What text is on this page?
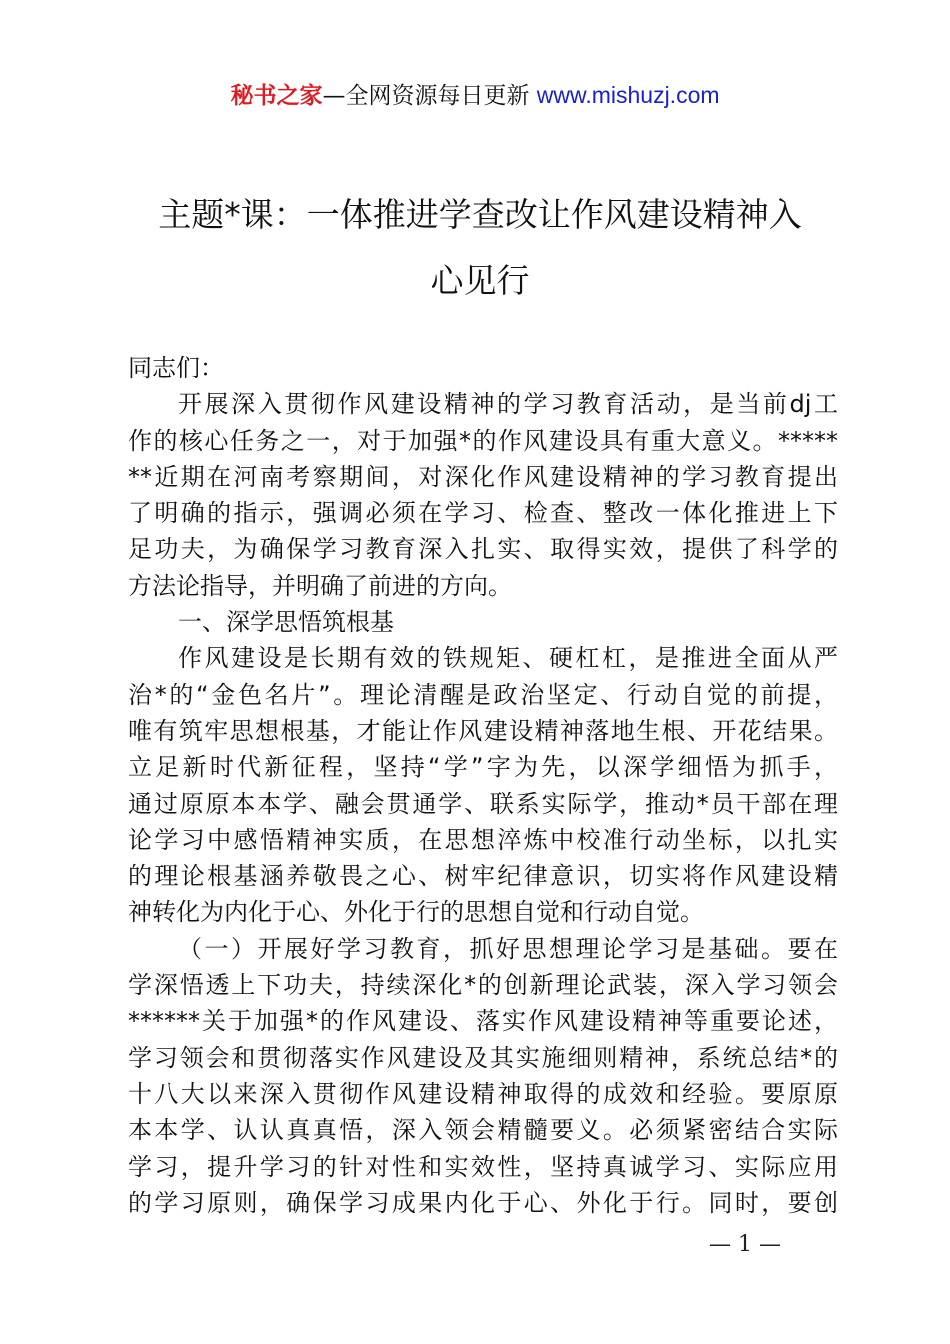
秘书之家—全网资源每日更新 www.mishuzj.com
主题*课：一体推进学查改让作风建设精神入
心见行
同志们：
开展深入贯彻作风建设精神的学习教育活动，是当前dj工
作的核心任务之一，对于加强*的作风建设具有重大意义。*****
**近期在河南考察期间，对深化作风建设精神的学习教育提出
了明确的指示，强调必须在学习、检查、整改一体化推进上下
足功夫，为确保学习教育深入扎实、取得实效，提供了科学的
方法论指导，并明确了前进的方向。
一、深学思悟筑根基
作风建设是长期有效的铁规矩、硬杠杠，是推进全面从严
治*的“金色名片”。理论清醒是政治坚定、行动自觉的前提，
唯有筑牢思想根基，才能让作风建设精神落地生根、开花结果。
立足新时代新征程，坚持“学”字为先，以深学细悟为抓手，
通过原原本本学、融会贯通学、联系实际学，推动*员干部在理
论学习中感悟精神实质，在思想淬炼中校准行动坐标，以扎实
的理论根基涵养敬畏之心、树牢纪律意识，切实将作风建设精
神转化为内化于心、外化于行的思想自觉和行动自觉。
（一）开展好学习教育，抓好思想理论学习是基础。要在
学深悟透上下功夫，持续深化*的创新理论武装，深入学习领会
******关于加强*的作风建设、落实作风建设精神等重要论述，
学习领会和贯彻落实作风建设及其实施细则精神，系统总结*的
十八大以来深入贯彻作风建设精神取得的成效和经验。要原原
本本学、认认真真悟，深入领会精髓要义。必须紧密结合实际
学习，提升学习的针对性和实效性，坚持真诚学习、实际应用
的学习原则，确保学习成果内化于心、外化于行。同时，要创
— 1 —
